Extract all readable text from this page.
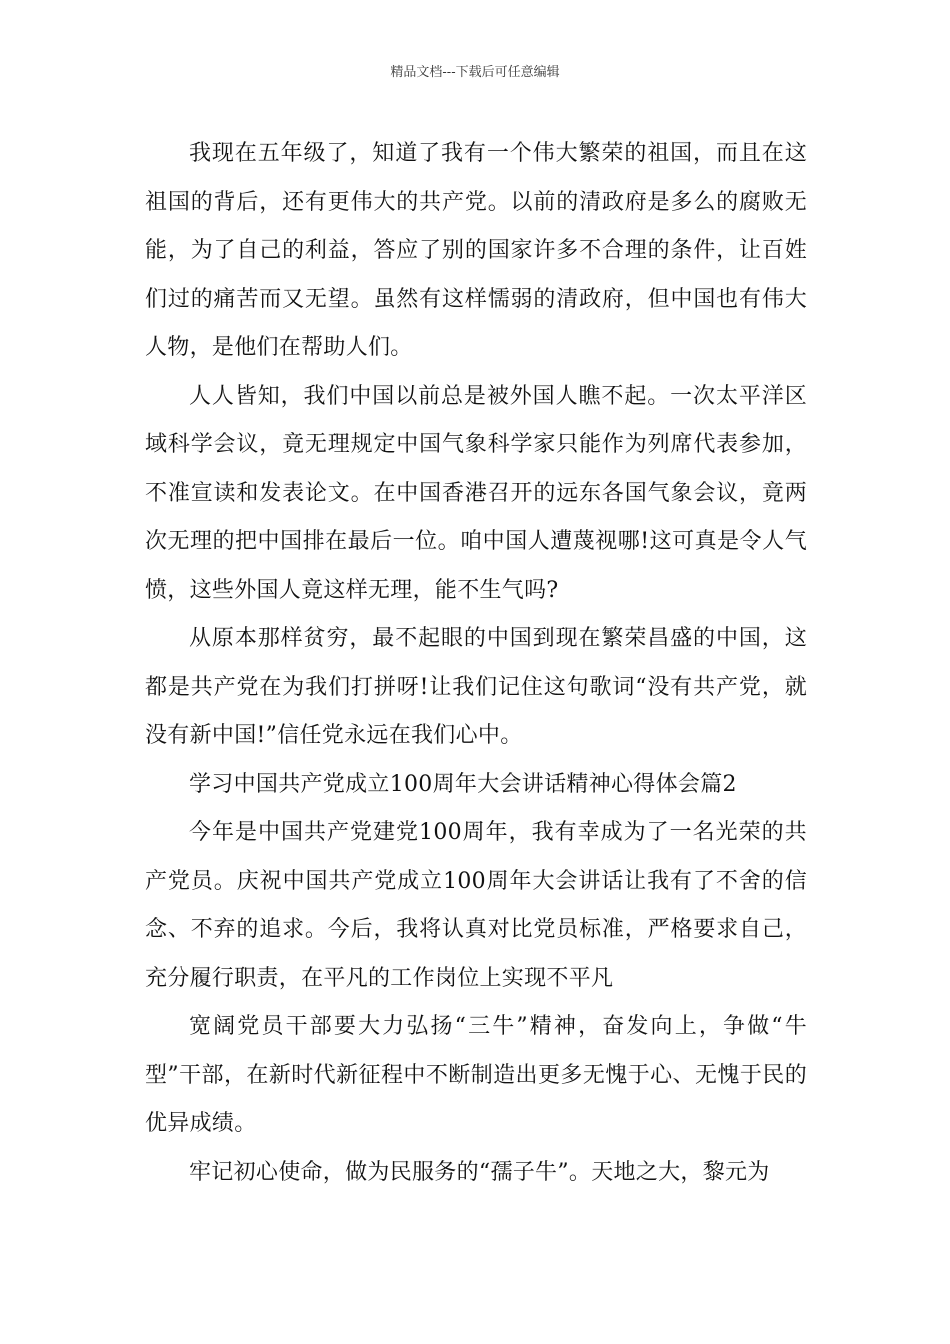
精品文档---下载后可任意编辑

我现在五年级了，知道了我有一个伟大繁荣的祖国，而且在这祖国的背后，还有更伟大的共产党。以前的清政府是多么的腐败无能，为了自己的利益，答应了别的国家许多不合理的条件，让百姓们过的痛苦而又无望。虽然有这样懦弱的清政府，但中国也有伟大人物，是他们在帮助人们。

人人皆知，我们中国以前总是被外国人瞧不起。一次太平洋区域科学会议，竟无理规定中国气象科学家只能作为列席代表参加，不准宣读和发表论文。在中国香港召开的远东各国气象会议，竟两次无理的把中国排在最后一位。咱中国人遭蔑视哪!这可真是令人气愤，这些外国人竟这样无理，能不生气吗?

从原本那样贫穷，最不起眼的中国到现在繁荣昌盛的中国，这都是共产党在为我们打拼呀!让我们记住这句歌词“没有共产党，就没有新中国!”信任党永远在我们心中。

学习中国共产党成立100周年大会讲话精神心得体会篇2

今年是中国共产党建党100周年，我有幸成为了一名光荣的共产党员。庆祝中国共产党成立100周年大会讲话让我有了不舍的信念、不弃的追求。今后，我将认真对比党员标准，严格要求自己，充分履行职责，在平凡的工作岗位上实现不平凡

宽阔党员干部要大力弘扬“三牛”精神，奋发向上，争做“牛型”干部，在新时代新征程中不断制造出更多无愧于心、无愧于民的优异成绩。

牢记初心使命，做为民服务的“孺子牛”。天地之大，黎元为
